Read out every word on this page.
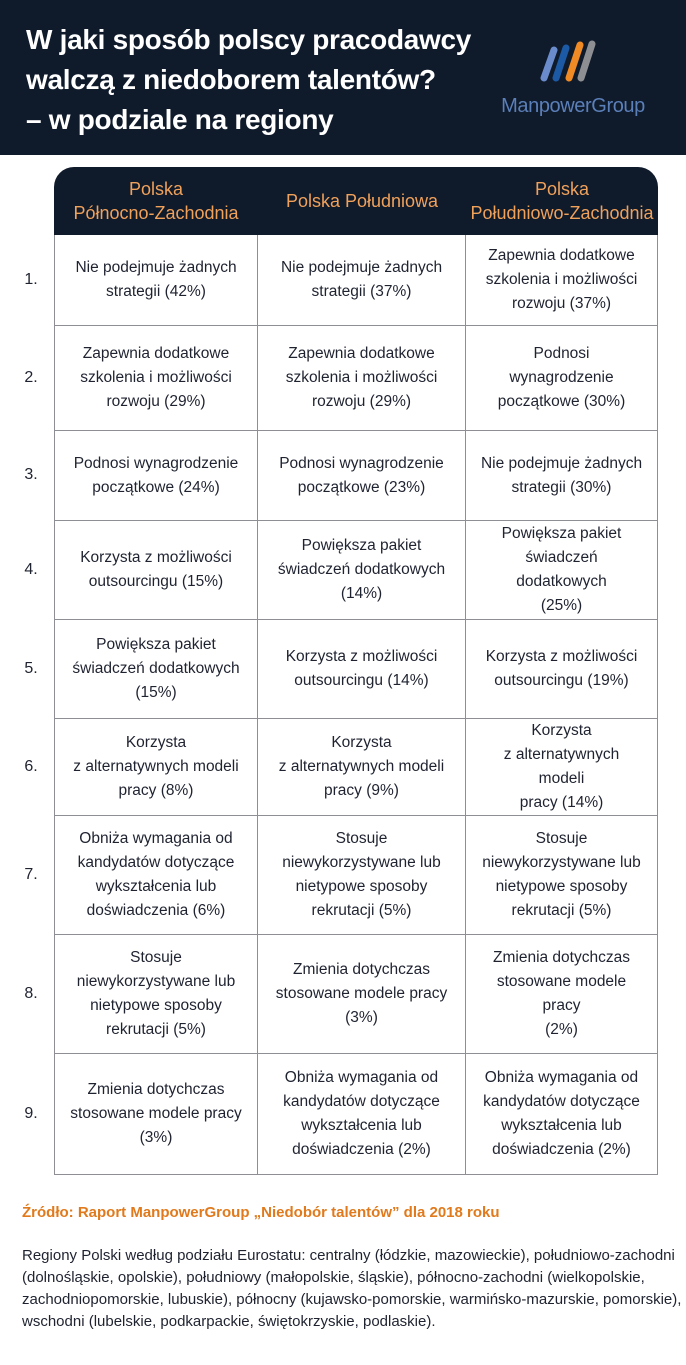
W jaki sposób polscy pracodawcy
walczą z niedoborem talentów?
– w podziale na regiony	ManpowerGroup
Polska
Północno-Zachodnia
Polska Południowa
Polska
Południowo-Zachodnia
1.
Nie podejmuje żadnych
strategii (42%)
Nie podejmuje żadnych
strategii (37%)
Zapewnia dodatkowe
szkolenia i możliwości
rozwoju (37%)
2.
Zapewnia dodatkowe
szkolenia i możliwości
rozwoju (29%)
Zapewnia dodatkowe
szkolenia i możliwości
rozwoju (29%)
Podnosi wynagrodzenie
początkowe (30%)
3.
Podnosi wynagrodzenie
początkowe (24%)
Podnosi wynagrodzenie
początkowe (23%)
Nie podejmuje żadnych
strategii (30%)
4.
Korzysta z możliwości
outsourcingu (15%)
Powiększa pakiet
świadczeń dodatkowych
(14%)
Powiększa pakiet
świadczeń dodatkowych
(25%)
5.
Powiększa pakiet
świadczeń dodatkowych
(15%)
Korzysta z możliwości
outsourcingu (14%)
Korzysta z możliwości
outsourcingu (19%)
6.
Korzysta
z alternatywnych modeli
pracy (8%)
Korzysta
z alternatywnych modeli
pracy (9%)
Korzysta
z alternatywnych modeli
pracy (14%)
7.
Obniża wymagania od
kandydatów dotyczące
wykształcenia lub
doświadczenia (6%)
Stosuje
niewykorzystywane lub
nietypowe sposoby
rekrutacji (5%)
Stosuje
niewykorzystywane lub
nietypowe sposoby
rekrutacji (5%)
8.
Stosuje
niewykorzystywane lub
nietypowe sposoby
rekrutacji (5%)
Zmienia dotychczas
stosowane modele pracy
(3%)
Zmienia dotychczas
stosowane modele pracy
(2%)
9.
Zmienia dotychczas
stosowane modele pracy
(3%)
Obniża wymagania od
kandydatów dotyczące
wykształcenia lub
doświadczenia (2%)
Obniża wymagania od
kandydatów dotyczące
wykształcenia lub
doświadczenia (2%)
Źródło: Raport ManpowerGroup „Niedobór talentów” dla 2018 roku
Regiony Polski według podziału Eurostatu: centralny (łódzkie, mazowieckie), południowo-zachodni
(dolnośląskie, opolskie), południowy (małopolskie, śląskie), północno-zachodni (wielkopolskie,
zachodniopomorskie, lubuskie), północny (kujawsko-pomorskie, warmińsko-mazurskie, pomorskie),
wschodni (lubelskie, podkarpackie, świętokrzyskie, podlaskie).
